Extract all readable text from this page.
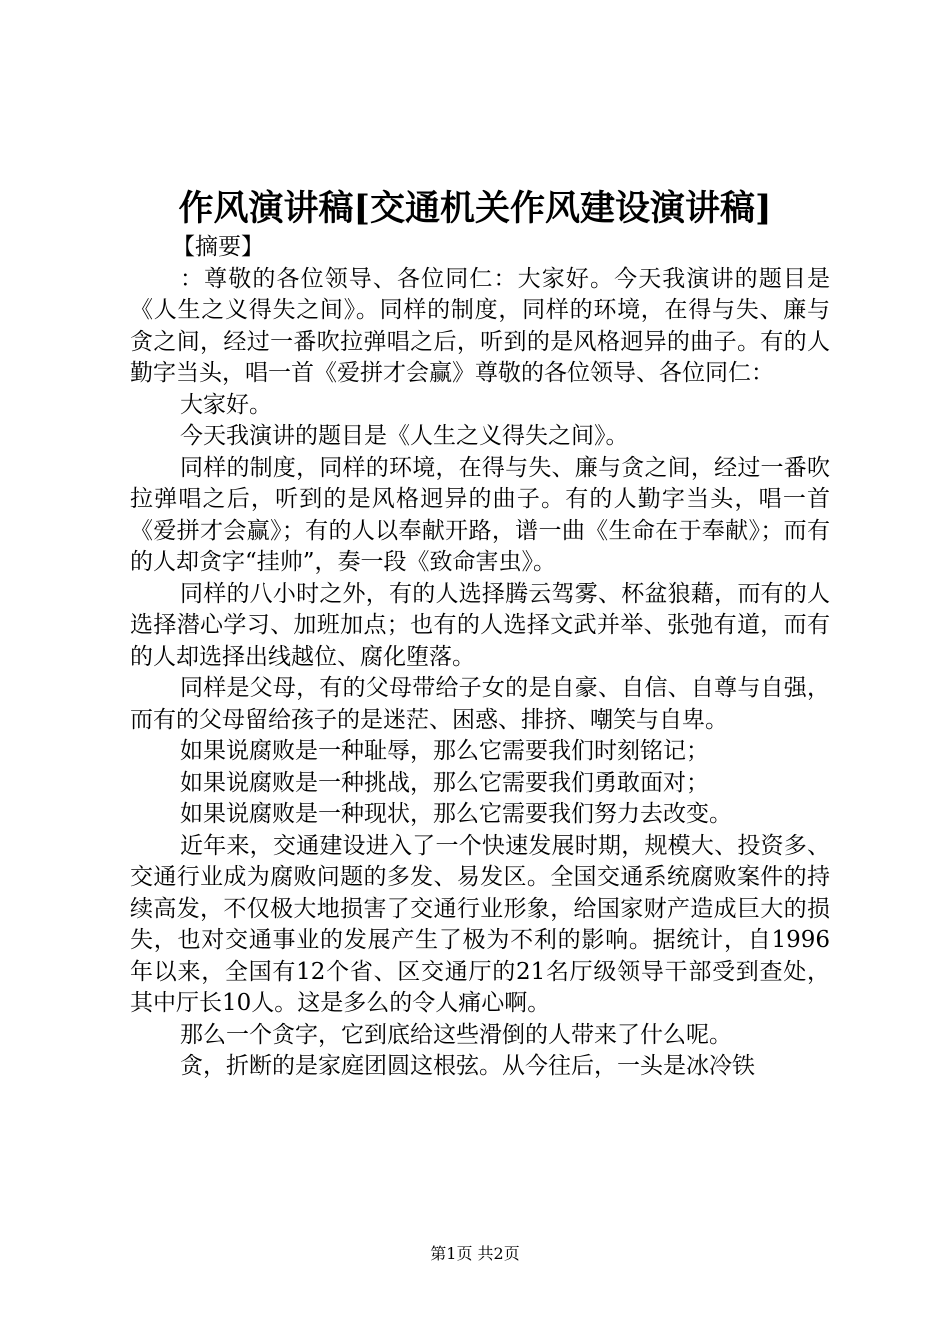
作风演讲稿[交通机关作风建设演讲稿]

【摘要】

：尊敬的各位领导、各位同仁：大家好。今天我演讲的题目是《人生之义得失之间》。同样的制度，同样的环境，在得与失、廉与贪之间，经过一番吹拉弹唱之后，听到的是风格迥异的曲子。有的人勤字当头，唱一首《爱拼才会赢》尊敬的各位领导、各位同仁：

大家好。

今天我演讲的题目是《人生之义得失之间》。

同样的制度，同样的环境，在得与失、廉与贪之间，经过一番吹拉弹唱之后，听到的是风格迥异的曲子。有的人勤字当头，唱一首《爱拼才会赢》；有的人以奉献开路，谱一曲《生命在于奉献》；而有的人却贪字“挂帅”，奏一段《致命害虫》。

同样的八小时之外，有的人选择腾云驾雾、杯盆狼藉，而有的人选择潜心学习、加班加点；也有的人选择文武并举、张弛有道，而有的人却选择出线越位、腐化堕落。

同样是父母，有的父母带给子女的是自豪、自信、自尊与自强，而有的父母留给孩子的是迷茫、困惑、排挤、嘲笑与自卑。

如果说腐败是一种耻辱，那么它需要我们时刻铭记；

如果说腐败是一种挑战，那么它需要我们勇敢面对；

如果说腐败是一种现状，那么它需要我们努力去改变。

近年来，交通建设进入了一个快速发展时期，规模大、投资多、交通行业成为腐败问题的多发、易发区。全国交通系统腐败案件的持续高发，不仅极大地损害了交通行业形象，给国家财产造成巨大的损失，也对交通事业的发展产生了极为不利的影响。据统计，自1996年以来，全国有12个省、区交通厅的21名厅级领导干部受到查处，其中厅长10人。这是多么的令人痛心啊。

那么一个贪字，它到底给这些滑倒的人带来了什么呢。

贪，折断的是家庭团圆这根弦。从今往后，一头是冰冷铁

第1页 共2页
